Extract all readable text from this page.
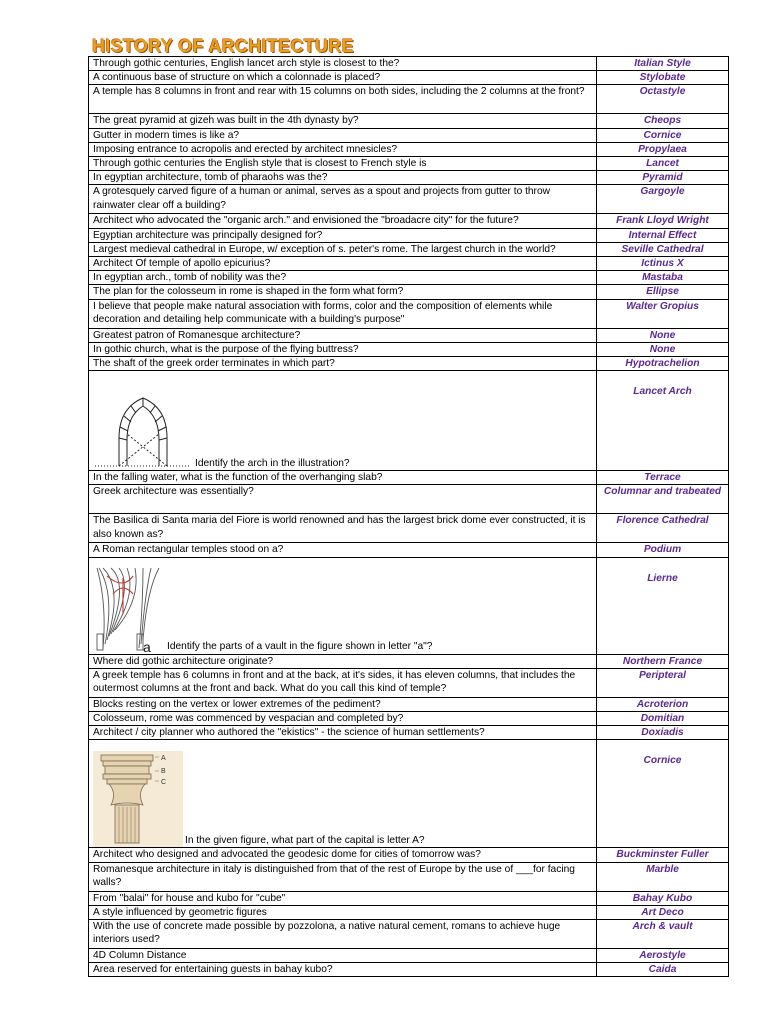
HISTORY OF ARCHITECTURE
Through gothic centuries, English lancet arch style is closest to the?	Italian Style
A continuous base of structure on which a colonnade is placed?	Stylobate
A temple has 8 columns in front and rear with 15 columns on both sides, including the 2 columns at the front?	Octastyle
The great pyramid at gizeh was built in the 4th dynasty by?	Cheops
Gutter in modern times is like a?	Cornice
Imposing entrance to acropolis and erected by architect mnesicles?	Propylaea
Through gothic centuries the English style that is closest to French style is	Lancet
In egyptian architecture, tomb of pharaohs was the?	Pyramid
A grotesquely carved figure of a human or animal, serves as a spout and projects from gutter to throw rainwater clear off a building?	Gargoyle
Architect who advocated the "organic arch." and envisioned the "broadacre city" for the future?	Frank Lloyd Wright
Egyptian architecture was principally designed for?	Internal Effect
Largest medieval cathedral in Europe, w/ exception of s. peter's rome. The largest church in the world?	Seville Cathedral
Architect Of temple of apollo epicurius?	Ictinus X
In egyptian arch., tomb of nobility was the?	Mastaba
The plan for the colosseum in rome is shaped in the form what form?	Ellipse
I believe that people make natural association with forms, color and the composition of elements while decoration and detailing help communicate with a building's purpose"	Walter Gropius
Greatest patron of Romanesque architecture?	None
In gothic church, what is the purpose of the flying buttress?	None
The shaft of the greek order terminates in which part?	Hypotrachelion

Identify the arch in the illustration?	Lancet Arch
In the falling water, what is the function of the overhanging slab?	Terrace
Greek architecture was essentially?	Columnar and trabeated
The Basilica di Santa maria del Fiore is world renowned and has the largest brick dome ever constructed, it is also known as?	Florence Cathedral
A Roman rectangular temples stood on a?	Podium

a Identify the parts of a vault in the figure shown in letter "a"?	Lierne
Where did gothic architecture originate?	Northern France
A greek temple has 6 columns in front and at the back, at it's sides, it has eleven columns, that includes the outermost columns at the front and back. What do you call this kind of temple?	Peripteral
Blocks resting on the vertex or lower extremes of the pediment?	Acroterion
Colosseum, rome was commenced by vespacian and completed by?	Domitian
Architect / city planner who authored the "ekistics" - the science of human settlements?	Doxiadis

A
B
C
In the given figure, what part of the capital is letter A?	Cornice
Architect who designed and advocated the geodesic dome for cities of tomorrow was?	Buckminster Fuller
Romanesque architecture in italy is distinguished from that of the rest of Europe by the use of ___for facing walls?	Marble
From "balai" for house and kubo for "cube"	Bahay Kubo
A style influenced by geometric figures	Art Deco
With the use of concrete made possible by pozzolona, a native natural cement, romans to achieve huge interiors used?	Arch & vault
4D Column Distance	Aerostyle
Area reserved for entertaining guests in bahay kubo?	Caida
